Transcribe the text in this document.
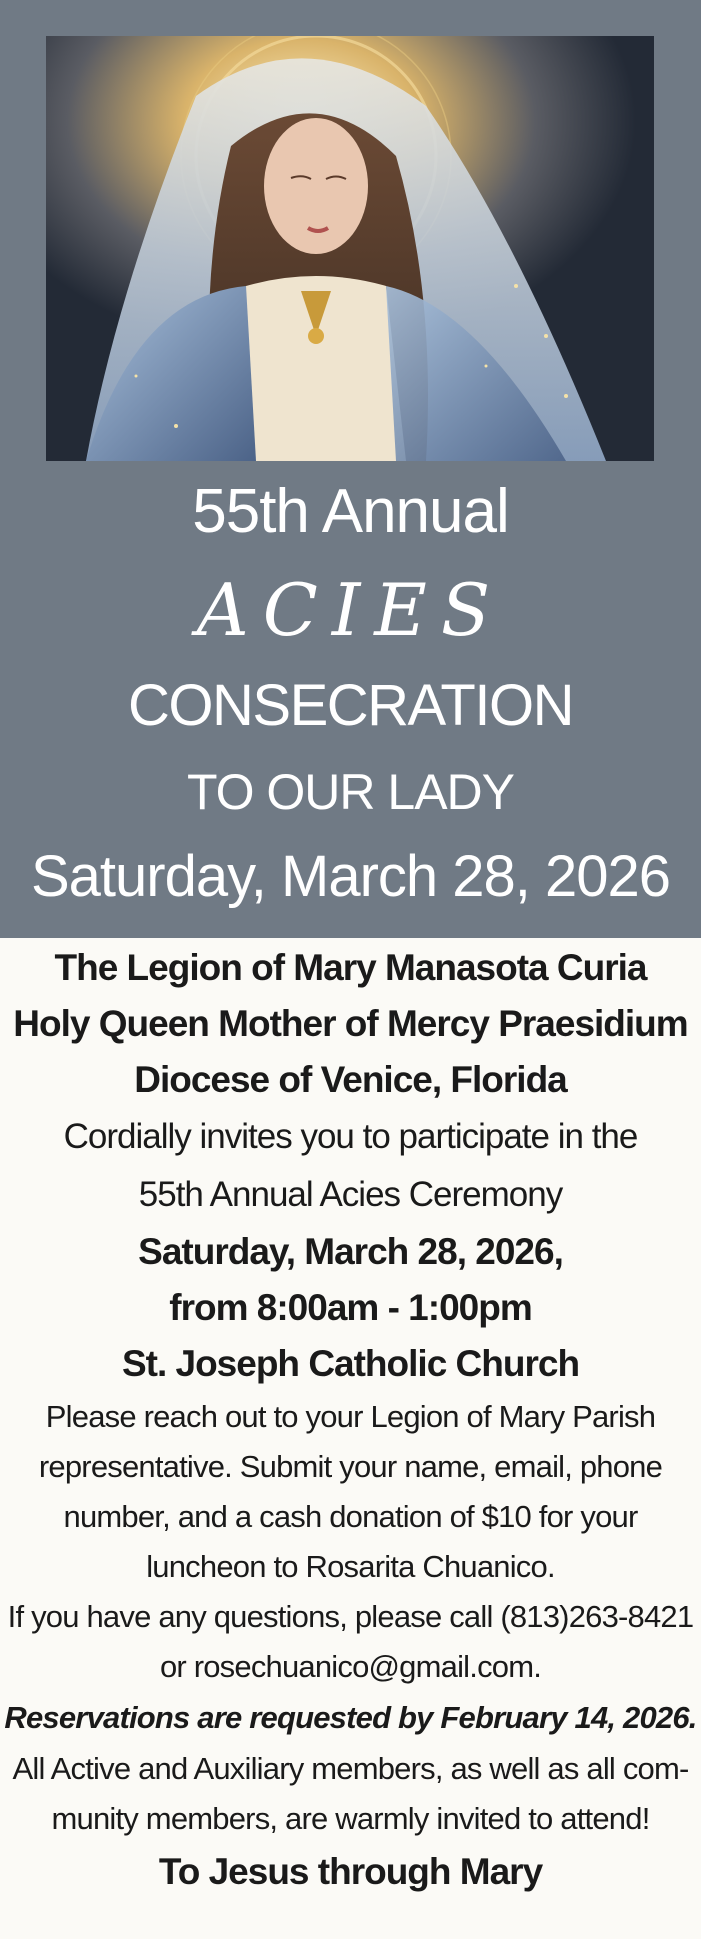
55th Annual
ACIES
CONSECRATION
TO OUR LADY
Saturday, March 28, 2026
The Legion of Mary Manasota Curia
Holy Queen Mother of Mercy Praesidium
Diocese of Venice, Florida
Cordially invites you to participate in the
55th Annual Acies Ceremony
Saturday, March 28, 2026,
from 8:00am - 1:00pm
St. Joseph Catholic Church
Please reach out to your Legion of Mary Parish
representative. Submit your name, email, phone
number, and a cash donation of $10 for your
luncheon to Rosarita Chuanico.
If you have any questions, please call (813)263-8421
or rosechuanico@gmail.com.
Reservations are requested by February 14, 2026.
All Active and Auxiliary members, as well as all com-
munity members, are warmly invited to attend!
To Jesus through Mary
